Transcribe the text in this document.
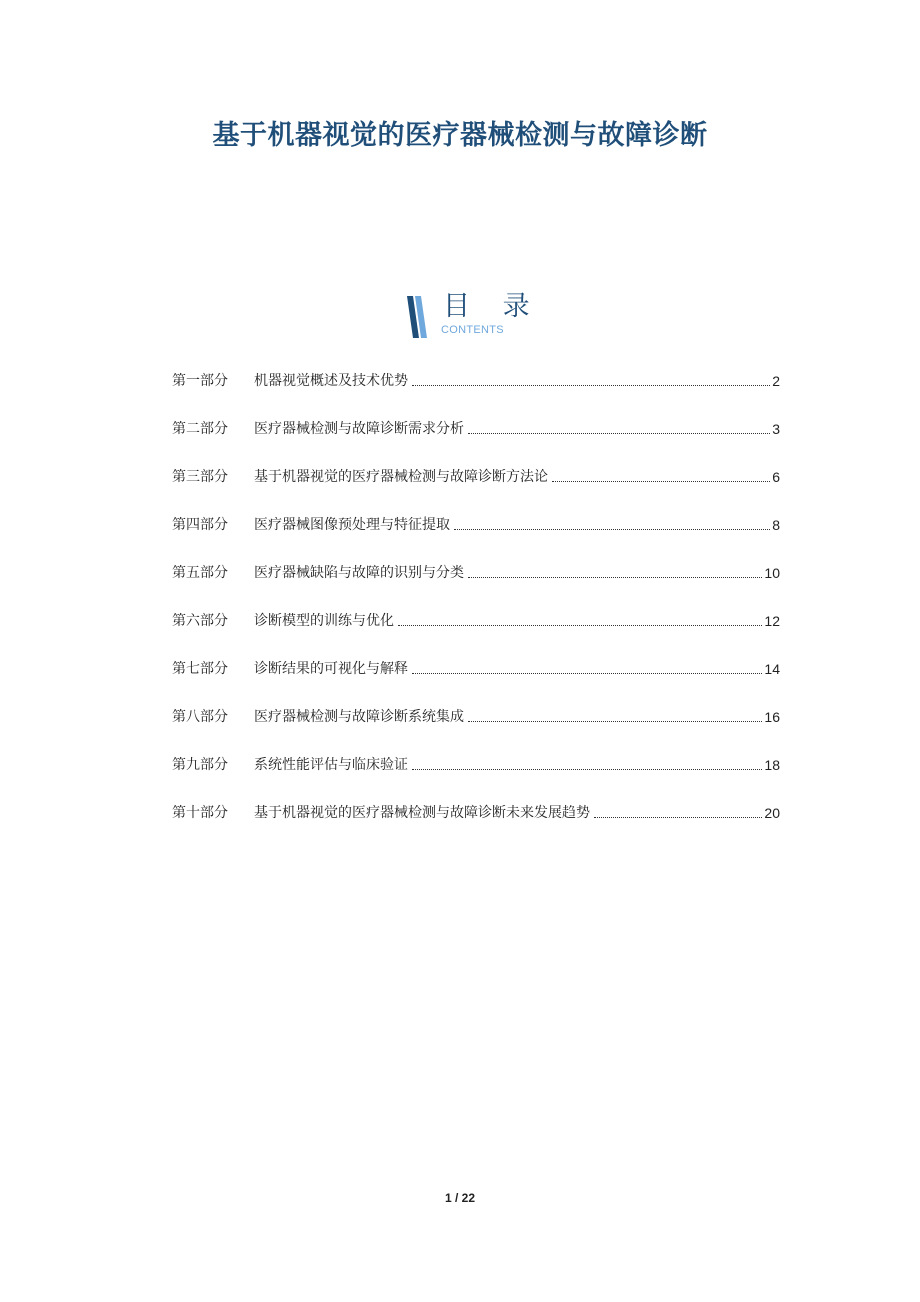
基于机器视觉的医疗器械检测与故障诊断
目 录
CONTENTS
第一部分	机器视觉概述及技术优势	2
第二部分	医疗器械检测与故障诊断需求分析	3
第三部分	基于机器视觉的医疗器械检测与故障诊断方法论	6
第四部分	医疗器械图像预处理与特征提取	8
第五部分	医疗器械缺陷与故障的识别与分类	10
第六部分	诊断模型的训练与优化	12
第七部分	诊断结果的可视化与解释	14
第八部分	医疗器械检测与故障诊断系统集成	16
第九部分	系统性能评估与临床验证	18
第十部分	基于机器视觉的医疗器械检测与故障诊断未来发展趋势	20
1 / 22
